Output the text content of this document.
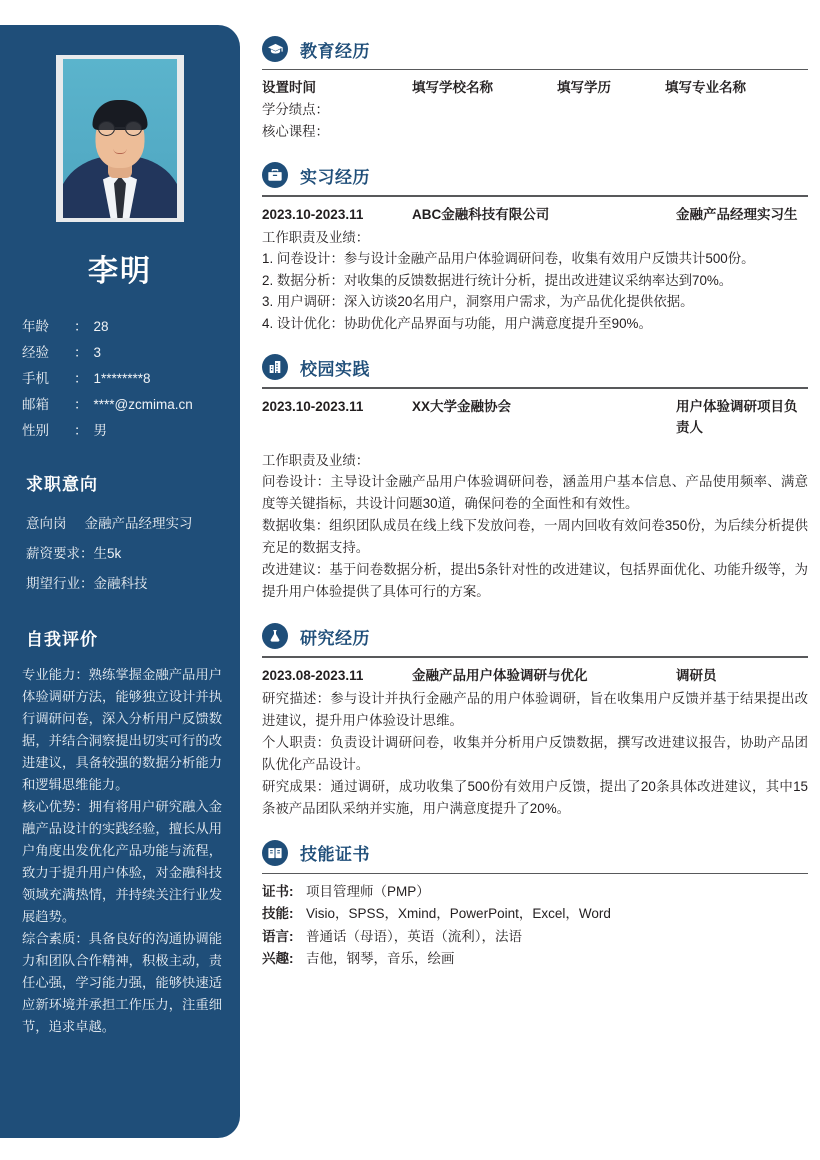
李明
年龄	： 28
经验	： 3
手机	： 1********8
邮箱	： ****@zcmima.cn
性别	： 男
求职意向
意向岗 金融产品经理实习
薪资要求： 生5k
期望行业： 金融科技
自我评价

专业能力：熟练掌握金融产品用户体验调研方法，能够独立设计并执行调研问卷，深入分析用户反馈数据，并结合洞察提出切实可行的改进建议，具备较强的数据分析能力和逻辑思维能力。

核心优势：拥有将用户研究融入金融产品设计的实践经验，擅长从用户角度出发优化产品功能与流程，致力于提升用户体验，对金融科技领域充满热情，并持续关注行业发展趋势。

综合素质：具备良好的沟通协调能力和团队合作精神，积极主动，责任心强，学习能力强，能够快速适应新环境并承担工作压力，注重细节，追求卓越。

教育经历
设置时间	填写学校名称	填写学历	填写专业名称
学分绩点：
核心课程：
实习经历
2023.10-2023.11	ABC金融科技有限公司	金融产品经理实习生
工作职责及业绩：
1. 问卷设计：参与设计金融产品用户体验调研问卷，收集有效用户反馈共计500份。
2. 数据分析：对收集的反馈数据进行统计分析，提出改进建议采纳率达到70%。
3. 用户调研：深入访谈20名用户，洞察用户需求，为产品优化提供依据。
4. 设计优化：协助优化产品界面与功能，用户满意度提升至90%。
校园实践
2023.10-2023.11	XX大学金融协会	用户体验调研项目负责人
工作职责及业绩：
问卷设计：主导设计金融产品用户体验调研问卷，涵盖用户基本信息、产品使用频率、满意度等关键指标，共设计问题30道，确保问卷的全面性和有效性。
数据收集：组织团队成员在线上线下发放问卷，一周内回收有效问卷350份，为后续分析提供充足的数据支持。
改进建议：基于问卷数据分析，提出5条针对性的改进建议，包括界面优化、功能升级等，为提升用户体验提供了具体可行的方案。
研究经历
2023.08-2023.11	金融产品用户体验调研与优化	调研员
研究描述：参与设计并执行金融产品的用户体验调研，旨在收集用户反馈并基于结果提出改进建议，提升用户体验设计思维。
个人职责：负责设计调研问卷，收集并分析用户反馈数据，撰写改进建议报告，协助产品团队优化产品设计。
研究成果：通过调研，成功收集了500份有效用户反馈，提出了20条具体改进建议，其中15条被产品团队采纳并实施，用户满意度提升了20%。
技能证书
证书: 项目管理师（PMP）
技能: Visio，SPSS，Xmind，PowerPoint，Excel，Word
语言: 普通话（母语），英语（流利），法语
兴趣: 吉他，钢琴，音乐，绘画
